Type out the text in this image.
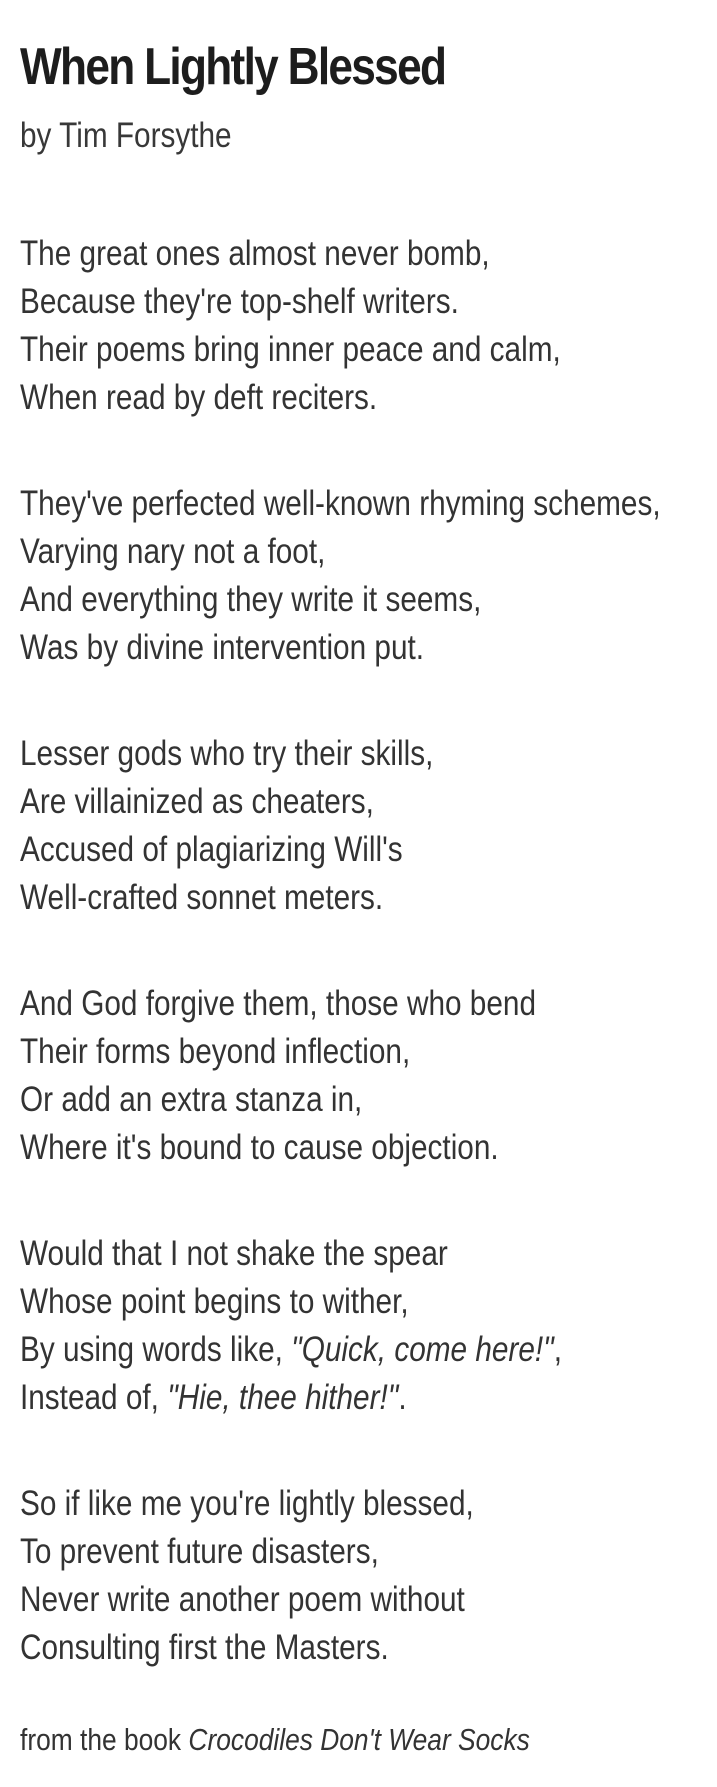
When Lightly Blessed
by Tim Forsythe
The great ones almost never bomb,
Because they're top-shelf writers.
Their poems bring inner peace and calm,
When read by deft reciters.
They've perfected well-known rhyming schemes,
Varying nary not a foot,
And everything they write it seems,
Was by divine intervention put.
Lesser gods who try their skills,
Are villainized as cheaters,
Accused of plagiarizing Will's
Well-crafted sonnet meters.
And God forgive them, those who bend
Their forms beyond inflection,
Or add an extra stanza in,
Where it's bound to cause objection.
Would that I not shake the spear
Whose point begins to wither,
By using words like, "Quick, come here!",
Instead of, "Hie, thee hither!".
So if like me you're lightly blessed,
To prevent future disasters,
Never write another poem without
Consulting first the Masters.
from the book Crocodiles Don't Wear Socks
